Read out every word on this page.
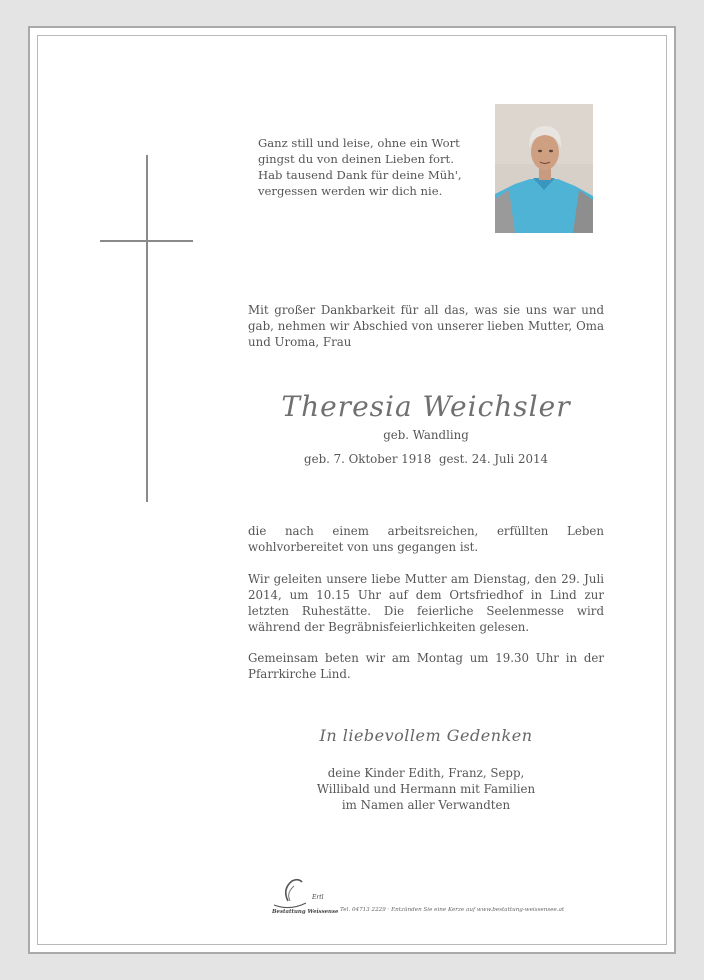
Ganz still und leise, ohne ein Wort
gingst du von deinen Lieben fort.
Hab tausend Dank für deine Müh',
vergessen werden wir dich nie.
Mit großer Dankbarkeit für all das, was sie uns war und gab, nehmen wir Abschied von unserer lieben Mutter, Oma und Uroma, Frau
Theresia Weichsler
geb. Wandling
geb. 7. Oktober 1918 gest. 24. Juli 2014
die nach einem arbeitsreichen, erfüllten Leben wohlvorbereitet von uns gegangen ist.
Wir geleiten unsere liebe Mutter am Dienstag, den 29. Juli 2014, um 10.15 Uhr auf dem Ortsfriedhof in Lind zur letzten Ruhestätte. Die feierliche Seelenmesse wird während der Begräbnisfeierlichkeiten gelesen.
Gemeinsam beten wir am Montag um 19.30 Uhr in der Pfarrkirche Lind.
In liebevollem Gedenken
deine Kinder Edith, Franz, Sepp,
Willibald und Hermann mit Familien
im Namen aller Verwandten
Ertl
Bestattung Weissensee
Tel. 04713 2229 · Entzünden Sie eine Kerze auf www.bestattung-weissensee.at
